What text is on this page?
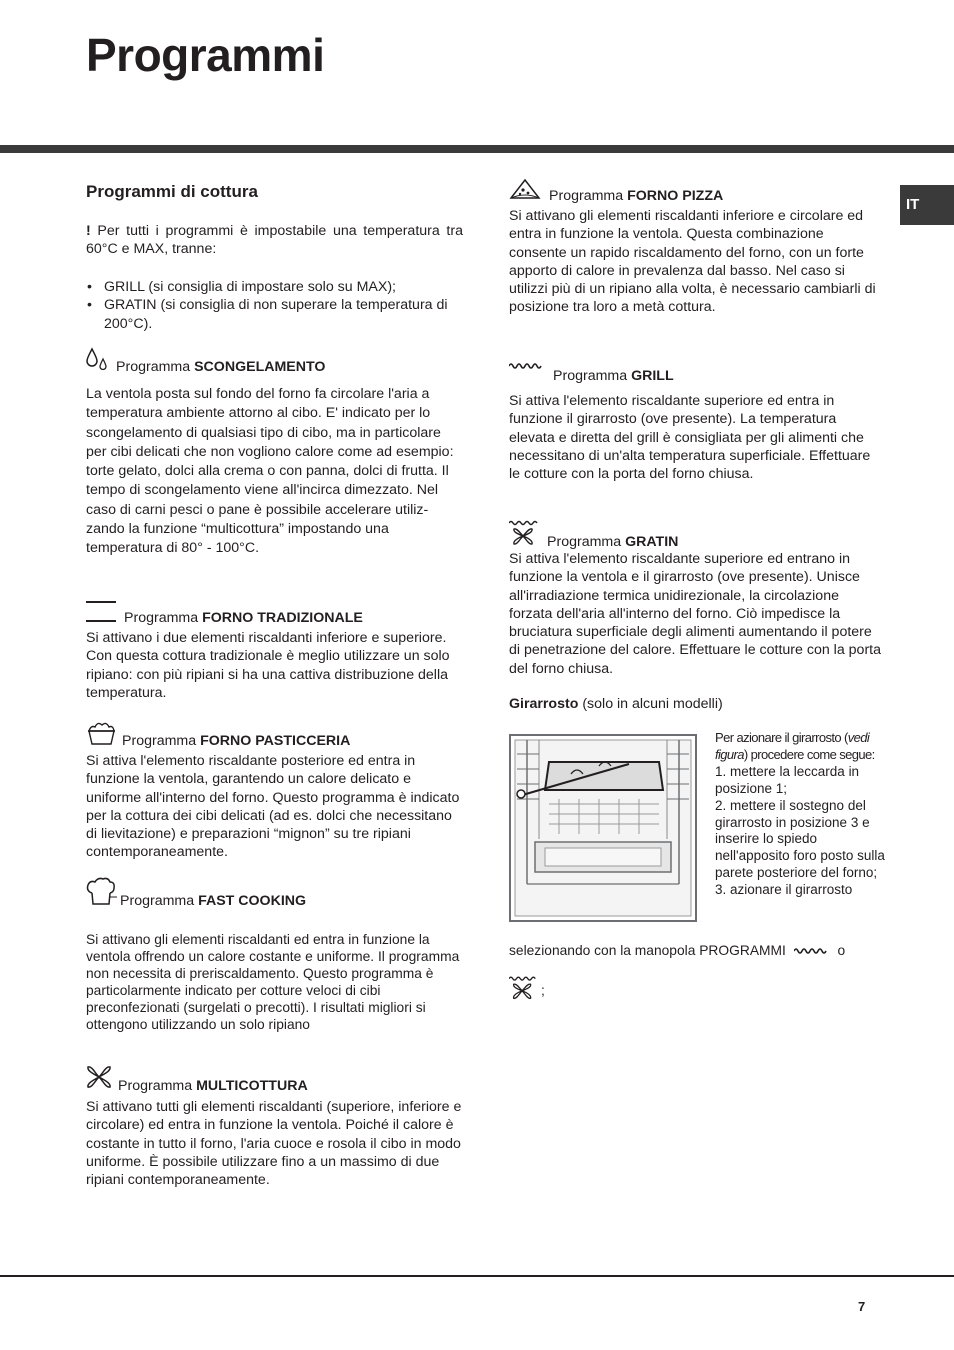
Programmi
IT
Programmi di cottura

! Per tutti i programmi è impostabile una temperatura tra 60°C e MAX, tranne:

• GRILL (si consiglia di impostare solo su MAX);
• GRATIN (si consiglia di non superare la temperatura di 200°C).
Programma
SCONGELAMENTO

La ventola posta sul fondo del forno fa circolare l'aria a temperatura ambiente attorno al cibo. E' indicato per lo scongelamento di qualsiasi tipo di cibo, ma in particolare per cibi delicati che non vogliono calore come ad esempio: torte gelato, dolci alla crema o con panna, dolci di frutta. Il tempo di scongelamento viene all'incirca dimezzato. Nel caso di carni pesci o pane è possibile accelerare utiliz-zando la funzione “multicottura” impostando una temperatura di 80° - 100°C.

Programma
FORNO TRADIZIONALE

Si attivano i due elementi riscaldanti inferiore e superiore. Con questa cottura tradizionale è meglio utilizzare un solo ripiano: con più ripiani si ha una cattiva distribuzione della temperatura.

Programma
FORNO PASTICCERIA

Si attiva l'elemento riscaldante posteriore ed entra in funzione la ventola, garantendo un calore delicato e uniforme all'interno del forno. Questo programma è indicato per la cottura dei cibi delicati (ad es. dolci che necessitano di lievitazione) e preparazioni “mignon” su tre ripiani contemporaneamente.

Programma
FAST COOKING

Si attivano gli elementi riscaldanti ed entra in funzione la ventola offrendo un calore costante e uniforme. Il programma non necessita di preriscaldamento. Questo programma è particolarmente indicato per cotture veloci di cibi preconfezionati (surgelati o precotti). I risultati migliori si ottengono utilizzando un solo ripiano

Programma
MULTICOTTURA

Si attivano tutti gli elementi riscaldanti (superiore, inferiore e circolare) ed entra in funzione la ventola. Poiché il calore è costante in tutto il forno, l'aria cuoce e rosola il cibo in modo uniforme. È possibile utilizzare fino a un massimo di due ripiani contemporaneamente.

Programma
FORNO PIZZA

Si attivano gli elementi riscaldanti inferiore e circolare ed entra in funzione la ventola. Questa combinazione consente un rapido riscaldamento del forno, con un forte apporto di calore in prevalenza dal basso. Nel caso si utilizzi più di un ripiano alla volta, è necessario cambiarli di posizione tra loro a metà cottura.

Programma
GRILL

Si attiva l'elemento riscaldante superiore ed entra in funzione il girarrosto (ove presente). La temperatura elevata e diretta del grill è consigliata per gli alimenti che necessitano di un'alta temperatura superficiale. Effettuare le cotture con la porta del forno chiusa.

Programma
GRATIN

Si attiva l'elemento riscaldante superiore ed entrano in funzione la ventola e il girarrosto (ove presente). Unisce all'irradiazione termica unidirezionale, la circolazione forzata dell'aria all'interno del forno. Ciò impedisce la bruciatura superficiale degli alimenti aumentando il potere di penetrazione del calore. Effettuare le cotture con la porta del forno chiusa.

Girarrosto (solo in alcuni modelli)

Per azionare il girarrosto (vedi figura) procedere come segue:
1. mettere la leccarda in posizione 1;
2. mettere il sostegno del girarrosto in posizione 3 e inserire lo spiedo nell'apposito foro posto sulla parete posteriore del forno;
3. azionare il girarrosto
selezionando con la manopola PROGRAMMI	o
;
7
